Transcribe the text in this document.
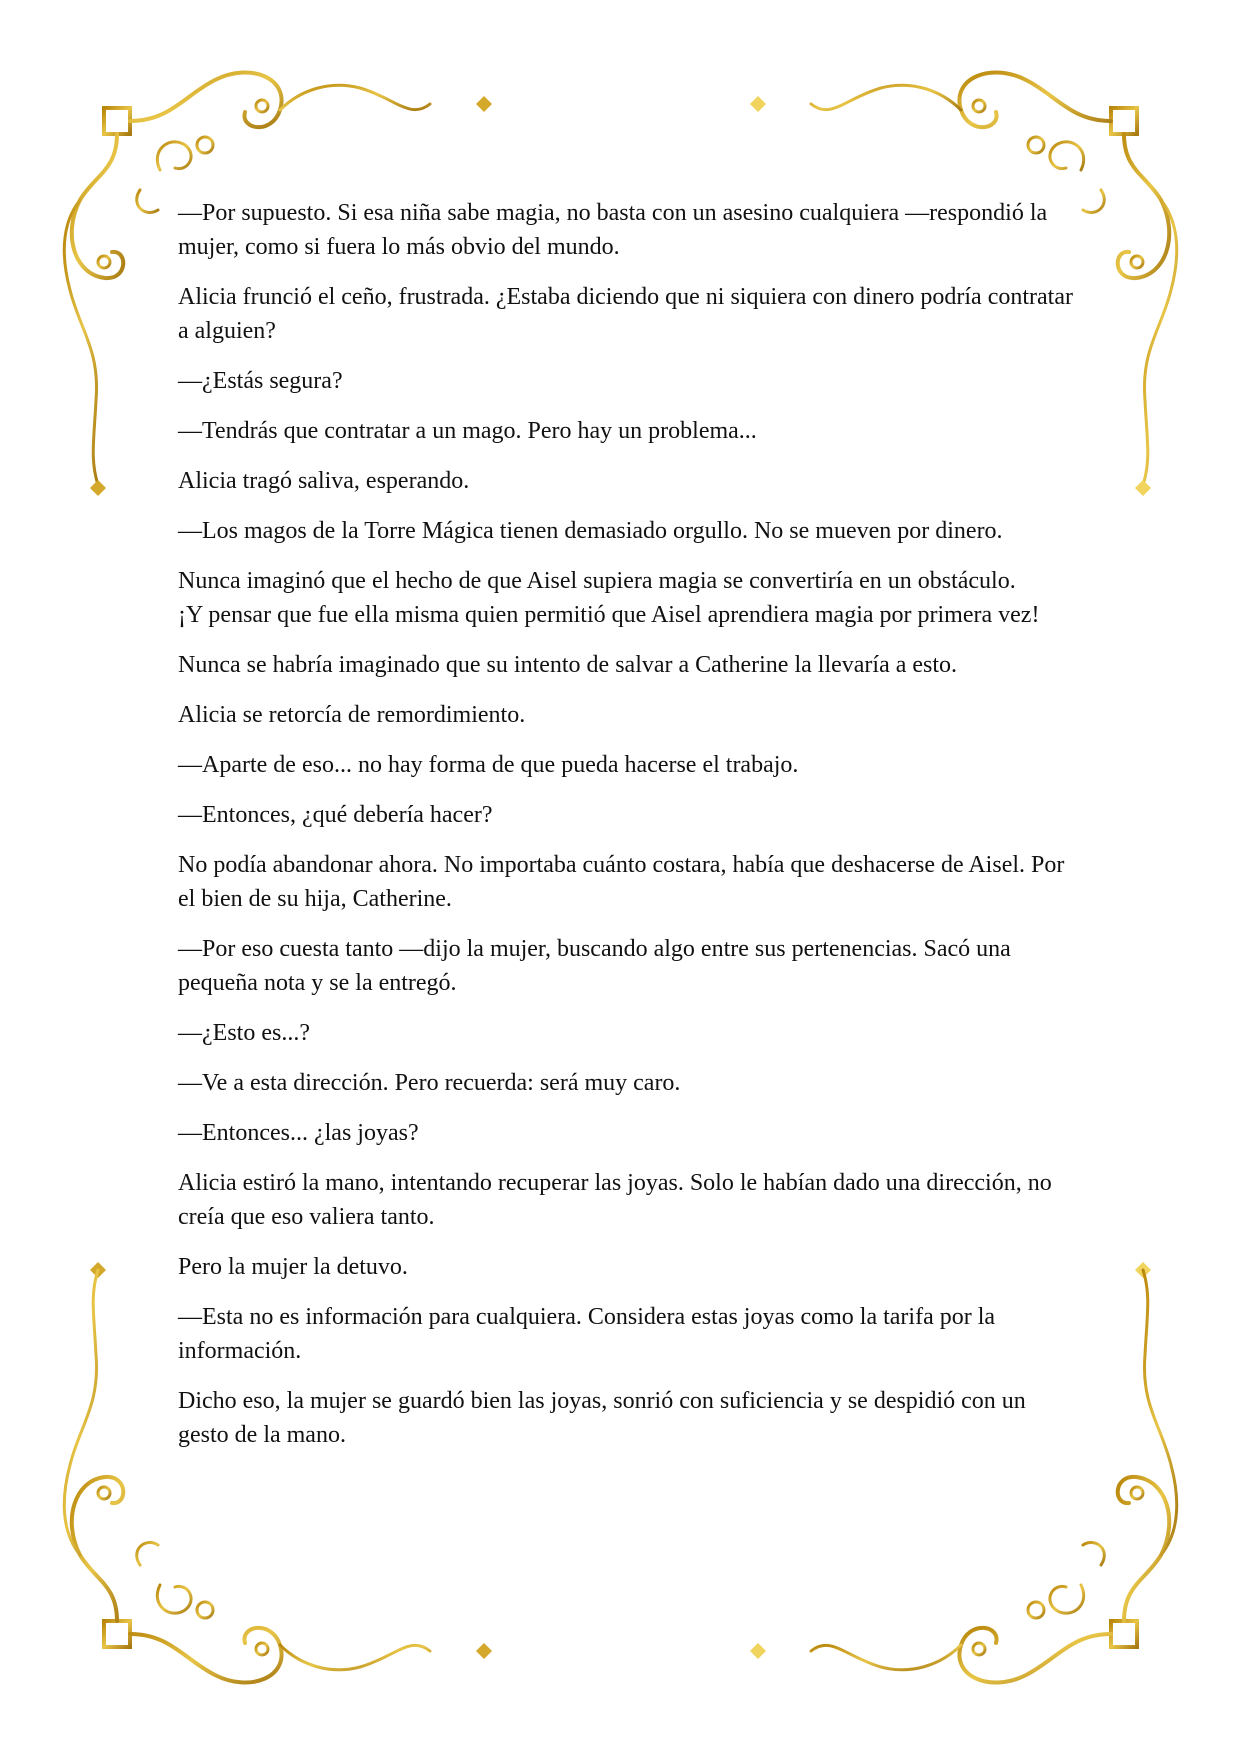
—Por supuesto. Si esa niña sabe magia, no basta con un asesino cualquiera —respondió la mujer, como si fuera lo más obvio del mundo.

Alicia frunció el ceño, frustrada. ¿Estaba diciendo que ni siquiera con dinero podría contratar a alguien?

—¿Estás segura?

—Tendrás que contratar a un mago. Pero hay un problema...

Alicia tragó saliva, esperando.

—Los magos de la Torre Mágica tienen demasiado orgullo. No se mueven por dinero.

Nunca imaginó que el hecho de que Aisel supiera magia se convertiría en un obstáculo.
¡Y pensar que fue ella misma quien permitió que Aisel aprendiera magia por primera vez!

Nunca se habría imaginado que su intento de salvar a Catherine la llevaría a esto.

Alicia se retorcía de remordimiento.

—Aparte de eso... no hay forma de que pueda hacerse el trabajo.

—Entonces, ¿qué debería hacer?

No podía abandonar ahora. No importaba cuánto costara, había que deshacerse de Aisel. Por el bien de su hija, Catherine.

—Por eso cuesta tanto —dijo la mujer, buscando algo entre sus pertenencias. Sacó una pequeña nota y se la entregó.

—¿Esto es...?

—Ve a esta dirección. Pero recuerda: será muy caro.

—Entonces... ¿las joyas?

Alicia estiró la mano, intentando recuperar las joyas. Solo le habían dado una dirección, no creía que eso valiera tanto.

Pero la mujer la detuvo.

—Esta no es información para cualquiera. Considera estas joyas como la tarifa por la información.

Dicho eso, la mujer se guardó bien las joyas, sonrió con suficiencia y se despidió con un gesto de la mano.
